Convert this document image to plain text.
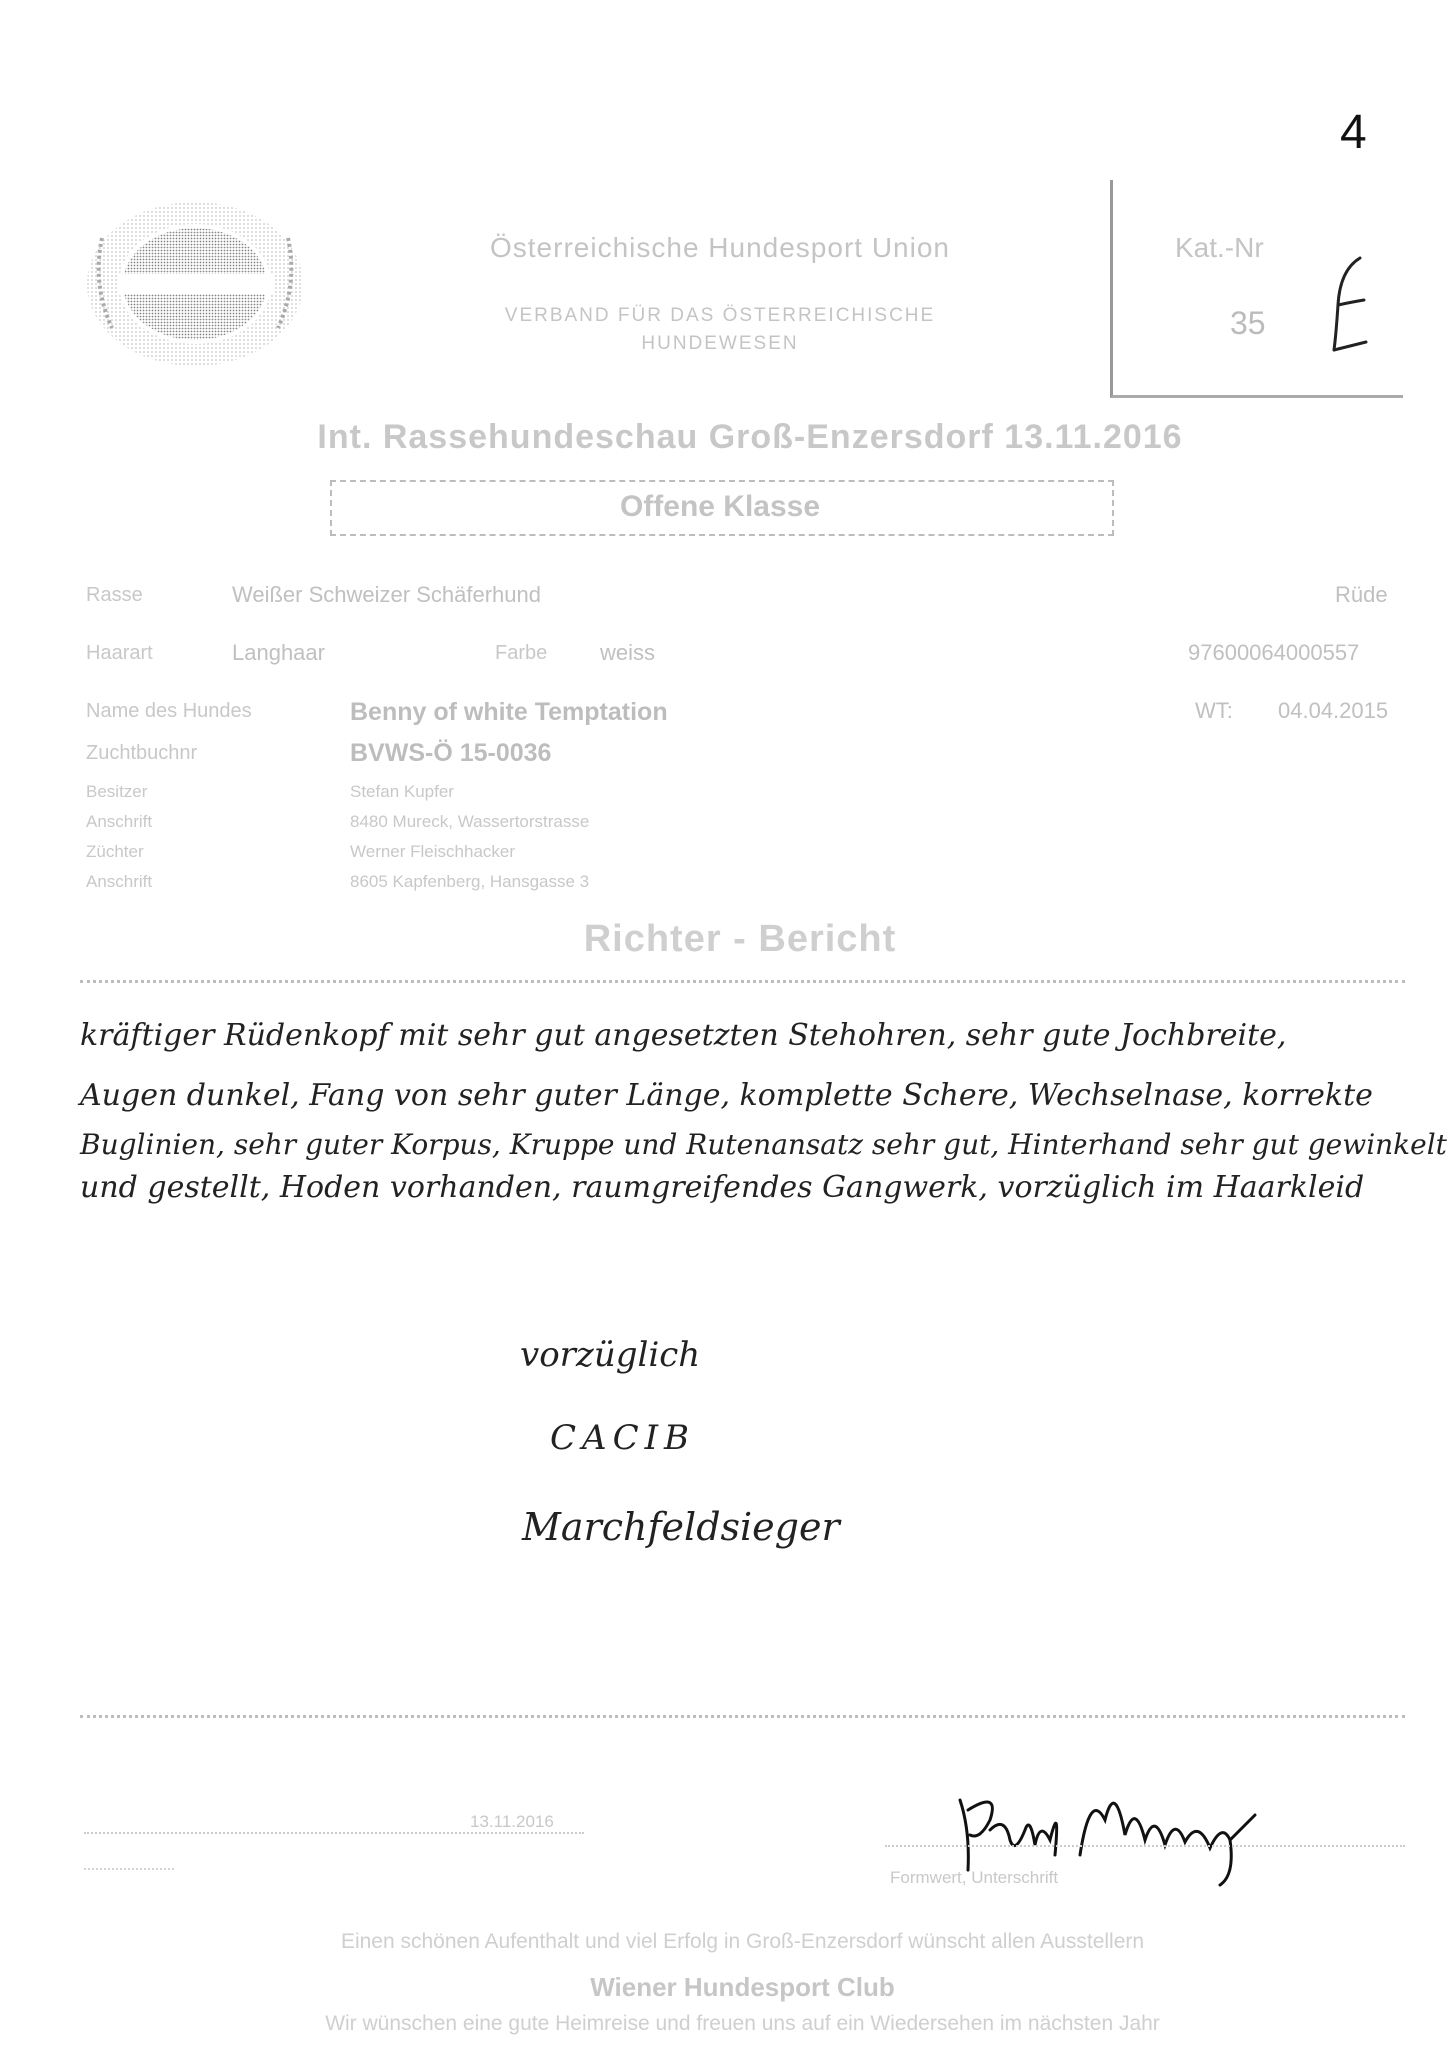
4
Österreichische Hundesport Union
VERBAND FÜR DAS ÖSTERREICHISCHE
HUNDEWESEN
Kat.-Nr
35
Int. Rassehundeschau Groß-Enzersdorf 13.11.2016
Offene Klasse
Rasse	Weißer Schweizer Schäferhund	Rüde
Haarart	Langhaar	Farbe weiss	97600064000557
Name des Hundes	Benny of white Temptation	WT: 04.04.2015
Zuchtbuchnr	BVWS-Ö 15-0036
Besitzer	Stefan Kupfer
Anschrift	8480 Mureck, Wassertorstrasse
Züchter	Werner Fleischhacker
Anschrift	8605 Kapfenberg, Hansgasse 3
Richter - Bericht
kräftiger Rüdenkopf mit sehr gut angesetzten Stehohren, sehr gute Jochbreite,
Augen dunkel, Fang von sehr guter Länge, komplette Schere, Wechselnase, korrekte
Buglinien, sehr guter Korpus, Kruppe und Rutenansatz sehr gut, Hinterhand sehr gut gewinkelt
und gestellt, Hoden vorhanden, raumgreifendes Gangwerk, vorzüglich im Haarkleid
vorzüglich
CACIB
Marchfeldsieger
13.11.2016
Formwert, Unterschrift
Einen schönen Aufenthalt und viel Erfolg in Groß-Enzersdorf wünscht allen Ausstellern
Wiener Hundesport Club
Wir wünschen eine gute Heimreise und freuen uns auf ein Wiedersehen im nächsten Jahr
